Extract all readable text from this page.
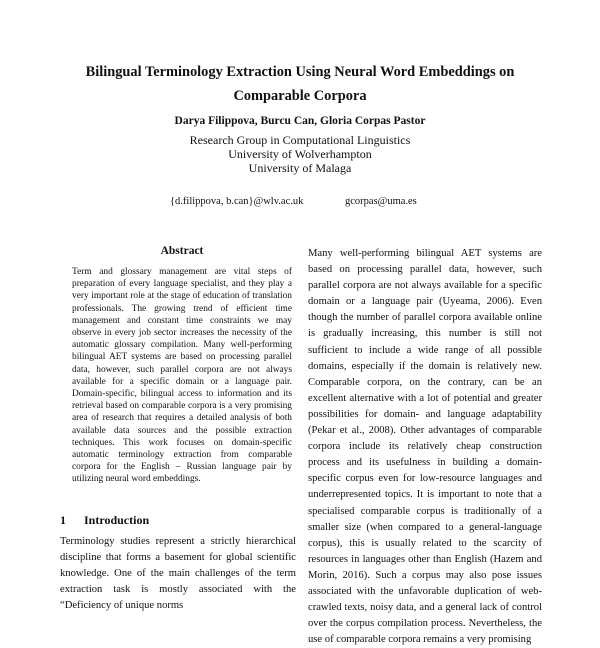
Bilingual Terminology Extraction Using Neural Word Embeddings on
Comparable Corpora
Darya Filippova, Burcu Can, Gloria Corpas Pastor
Research Group in Computational Linguistics
University of Wolverhampton
University of Malaga
{d.filippova, b.can}@wlv.ac.uk	gcorpas@uma.es
Abstract

Term and glossary management are vital steps of preparation of every language specialist, and they play a very important role at the stage of education of translation professionals. The growing trend of efficient time management and constant time constraints we may observe in every job sector increases the necessity of the automatic glossary compilation. Many well-performing bilingual AET systems are based on processing parallel data, however, such parallel corpora are not always available for a specific domain or a language pair. Domain-specific, bilingual access to information and its retrieval based on comparable corpora is a very promising area of research that requires a detailed analysis of both available data sources and the possible extraction techniques. This work focuses on domain-specific automatic terminology extraction from comparable corpora for the English – Russian language pair by utilizing neural word embeddings.

1 Introduction

Terminology studies represent a strictly hierarchical discipline that forms a basement for global scientific knowledge. One of the main challenges of the term extraction task is mostly associated with the “Deficiency of unique norms

Many well-performing bilingual AET systems are based on processing parallel data, however, such parallel corpora are not always available for a specific domain or a language pair (Uyeama, 2006). Even though the number of parallel corpora available online is gradually increasing, this number is still not sufficient to include a wide range of all possible domains, especially if the domain is relatively new. Comparable corpora, on the contrary, can be an excellent alternative with a lot of potential and greater possibilities for domain- and language adaptability (Pekar et al., 2008). Other advantages of comparable corpora include its relatively cheap construction process and its usefulness in building a domain-specific corpus even for low-resource languages and underrepresented topics. It is important to note that a specialised comparable corpus is traditionally of a smaller size (when compared to a general-language corpus), this is usually related to the scarcity of resources in languages other than English (Hazem and Morin, 2016). Such a corpus may also pose issues associated with the unfavorable duplication of web-crawled texts, noisy data, and a general lack of control over the corpus compilation process. Nevertheless, the use of comparable corpora remains a very promising
